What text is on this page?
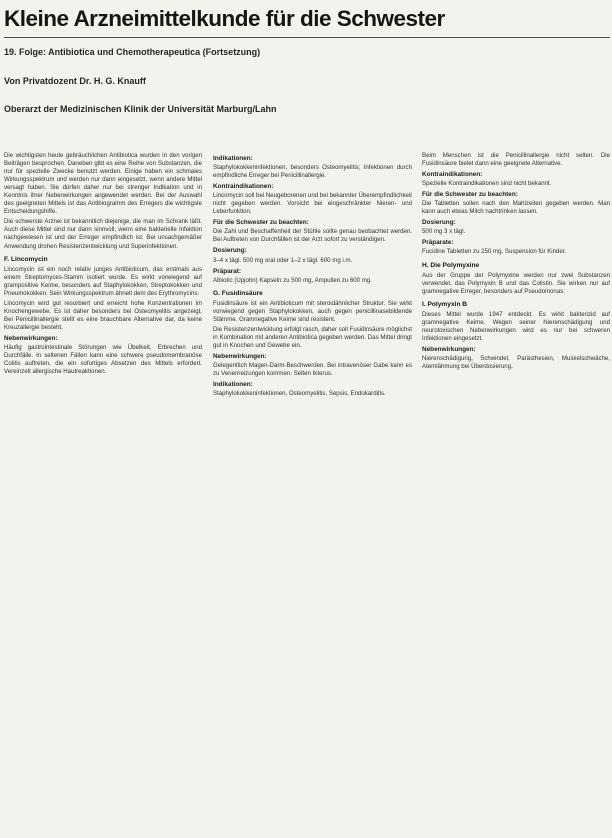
Kleine Arzneimittelkunde für die Schwester
19. Folge: Antibiotica und Chemotherapeutica (Fortsetzung)
Von Privatdozent Dr. H. G. Knauff
Oberarzt der Medizinischen Klinik der Universität Marburg/Lahn

Die wichtigsten heute gebräuchlichen Antibiotica wurden in den vorigen Beiträgen besprochen. Daneben gibt es eine Reihe von Substanzen, die nur für spezielle Zwecke benutzt werden. Einige haben ein schmales Wirkungsspektrum und werden nur dann eingesetzt, wenn andere Mittel versagt haben. Sie dürfen daher nur bei strenger Indikation und in Kenntnis ihrer Nebenwirkungen angewendet werden. Bei der Auswahl des geeigneten Mittels ist das Antibiogramm des Erregers die wichtigste Entscheidungshilfe.

Die schwerste Arznei ist bekanntlich diejenige, die man im Schrank läßt. Auch diese Mittel sind nur dann sinnvoll, wenn eine bakterielle Infektion nachgewiesen ist und der Erreger empfindlich ist. Bei unsachgemäßer Anwendung drohen Resistenzentwicklung und Superinfektionen.

F. Lincomycin

Lincomycin ist ein noch relativ junges Antibioticum, das erstmals aus einem Streptomyces-Stamm isoliert wurde. Es wirkt vorwiegend auf grampositive Keime, besonders auf Staphylokokken, Streptokokken und Pneumokokken. Sein Wirkungsspektrum ähnelt dem des Erythromycins.

Lincomycin wird gut resorbiert und erreicht hohe Konzentrationen im Knochengewebe. Es ist daher besonders bei Osteomyelitis angezeigt. Bei Penicillinallergie stellt es eine brauchbare Alternative dar, da keine Kreuzallergie besteht.

Nebenwirkungen:

Häufig gastrointestinale Störungen wie Übelkeit, Erbrechen und Durchfälle. In seltenen Fällen kann eine schwere pseudomembranöse Colitis auftreten, die ein sofortiges Absetzen des Mittels erfordert. Vereinzelt allergische Hautreaktionen.

Indikationen:

Staphylokokkeninfektionen, besonders Osteomyelitis; Infektionen durch empfindliche Erreger bei Penicillinallergie.

Kontraindikationen:

Lincomycin soll bei Neugeborenen und bei bekannter Überempfindlichkeit nicht gegeben werden. Vorsicht bei eingeschränkter Nieren- und Leberfunktion.

Für die Schwester zu beachten:

Die Zahl und Beschaffenheit der Stühle sollte genau beobachtet werden. Bei Auftreten von Durchfällen ist der Arzt sofort zu verständigen.

Dosierung:

3–4 x tägl. 500 mg oral oder 1–2 x tägl. 600 mg i.m.

Präparat:

Albiotic (Upjohn) Kapseln zu 500 mg, Ampullen zu 600 mg.

G. Fusidinsäure

Fusidinsäure ist ein Antibioticum mit steroidähnlicher Struktur. Sie wirkt vorwiegend gegen Staphylokokken, auch gegen penicillinasebildende Stämme. Gramnegative Keime sind resistent.

Die Resistenzentwicklung erfolgt rasch, daher soll Fusidinsäure möglichst in Kombination mit anderen Antibiotica gegeben werden. Das Mittel dringt gut in Knochen und Gewebe ein.

Nebenwirkungen:

Gelegentlich Magen-Darm-Beschwerden. Bei intravenöser Gabe kann es zu Venenreizungen kommen. Selten Ikterus.

Indikationen:

Staphylokokkeninfektionen, Osteomyelitis, Sepsis, Endokarditis.

Beim Menschen ist die Penicillinallergie nicht selten. Die Fusidinsäure bietet dann eine geeignete Alternative.

Kontraindikationen:

Spezielle Kontraindikationen sind nicht bekannt.

Für die Schwester zu beachten:

Die Tabletten sollen nach den Mahlzeiten gegeben werden. Man kann auch etwas Milch nachtrinken lassen.

Dosierung:

500 mg 3 x tägl.

Präparate:

Fucidine Tabletten zu 250 mg, Suspension für Kinder.

H. Die Polymyxine

Aus der Gruppe der Polymyxine werden nur zwei Substanzen verwendet, das Polymyxin B und das Colistin. Sie wirken nur auf gramnegative Erreger, besonders auf Pseudomonas.

I. Polymyxin B

Dieses Mittel wurde 1947 entdeckt. Es wirkt bakterizid auf gramnegative Keime. Wegen seiner Nierenschädigung und neurotoxischen Nebenwirkungen wird es nur bei schweren Infektionen eingesetzt.

Nebenwirkungen:

Nierenschädigung, Schwindel, Parästhesien, Muskelschwäche, Atemlähmung bei Überdosierung.
